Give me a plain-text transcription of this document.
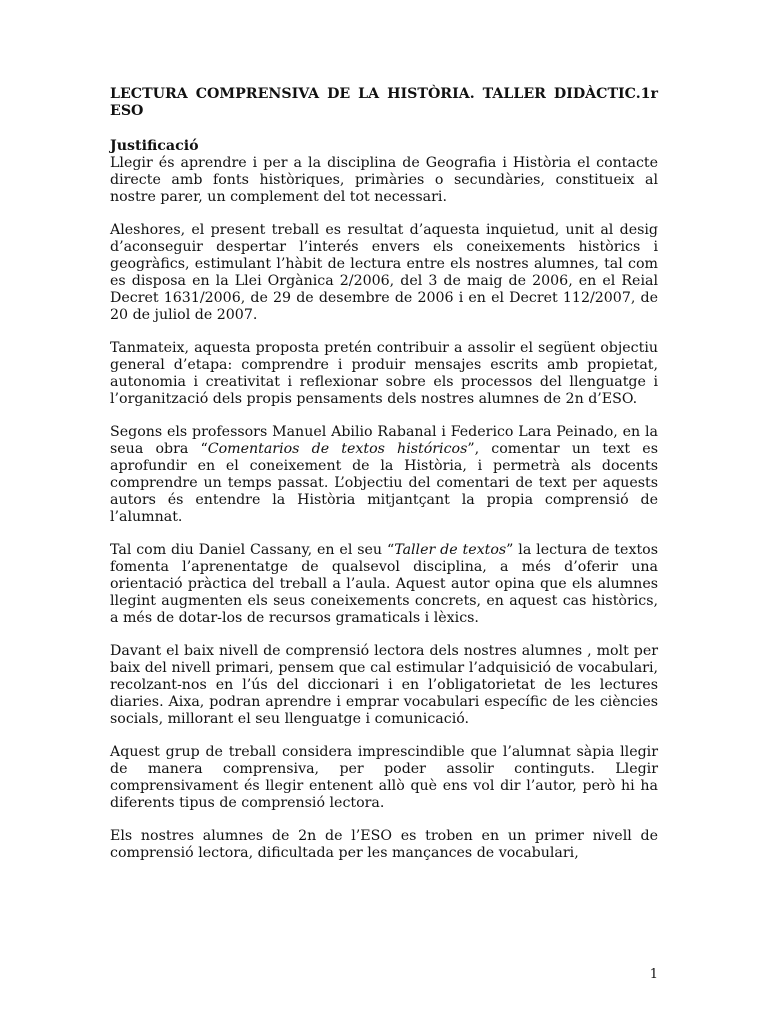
LECTURA COMPRENSIVA DE LA HISTÒRIA. TALLER DIDÀCTIC.1r ESO
Justificació

Llegir és aprendre i per a la disciplina de Geografia i Història el contacte directe amb fonts històriques, primàries o secundàries, constitueix al nostre parer, un complement del tot necessari.

Aleshores, el present treball es resultat d’aquesta inquietud, unit al desig d’aconseguir despertar l’interés envers els coneixements històrics i geogràfics, estimulant l’hàbit de lectura entre els nostres alumnes, tal com es disposa en la Llei Orgànica 2/2006, del 3 de maig de 2006, en el Reial Decret 1631/2006, de 29 de desembre de 2006 i en el Decret 112/2007, de 20 de juliol de 2007.

Tanmateix, aquesta proposta pretén contribuir a assolir el següent objectiu general d’etapa: comprendre i produir mensajes escrits amb propietat, autonomia i creativitat i reflexionar sobre els processos del llenguatge i l’organització dels propis pensaments dels nostres alumnes de 2n d’ESO.

Segons els professors Manuel Abilio Rabanal i Federico Lara Peinado, en la seua obra “Comentarios de textos históricos”, comentar un text es aprofundir en el coneixement de la Història, i permetrà als docents comprendre un temps passat. L’objectiu del comentari de text per aquests autors és entendre la Història mitjantçant la propia comprensió de l’alumnat.

Tal com diu Daniel Cassany, en el seu “Taller de textos” la lectura de textos fomenta l’aprenentatge de qualsevol disciplina, a més d’oferir una orientació pràctica del treball a l’aula. Aquest autor opina que els alumnes llegint augmenten els seus coneixements concrets, en aquest cas històrics, a més de dotar-los de recursos gramaticals i lèxics.

Davant el baix nivell de comprensió lectora dels nostres alumnes , molt per baix del nivell primari, pensem que cal estimular l’adquisició de vocabulari, recolzant-nos en l’ús del diccionari i en l’obligatorietat de les lectures diaries. Aixa, podran aprendre i emprar vocabulari específic de les ciències socials, millorant el seu llenguatge i comunicació.

Aquest grup de treball considera imprescindible que l’alumnat sàpia llegir de manera comprensiva, per poder assolir continguts. Llegir comprensivament és llegir entenent allò què ens vol dir l’autor, però hi ha diferents tipus de comprensió lectora.

Els nostres alumnes de 2n de l’ESO es troben en un primer nivell de comprensió lectora, dificultada per les mançances de vocabulari,

1
